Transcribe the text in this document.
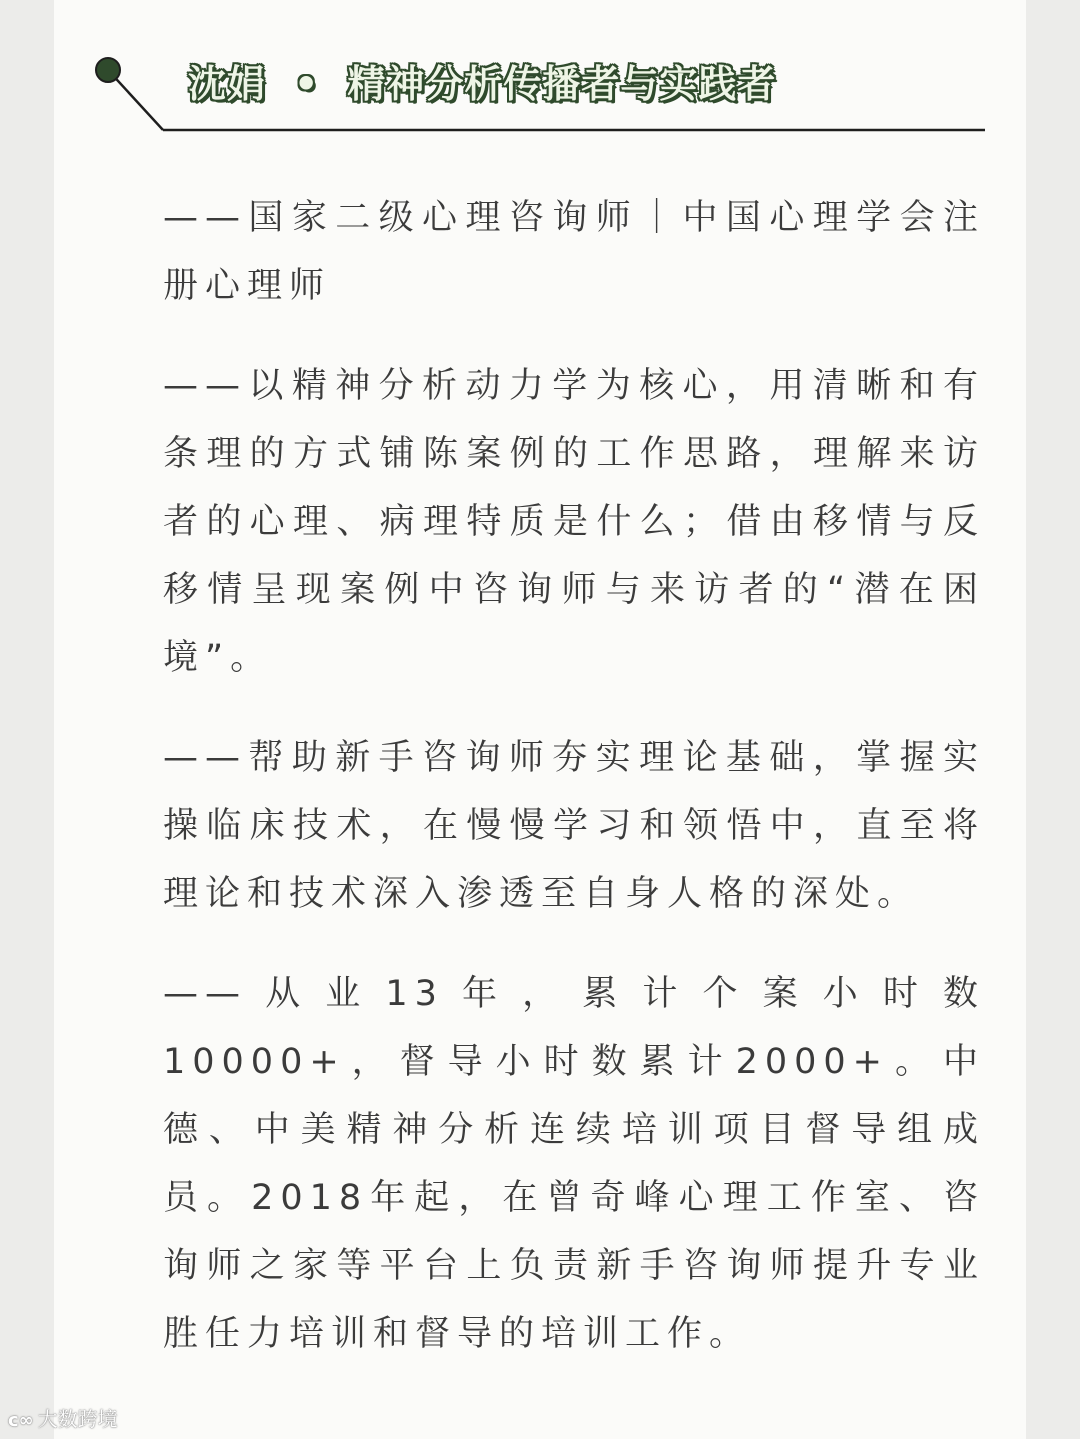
沈娟 • 精神分析传播者与实践者

——国家二级心理咨询师｜中国心理学会注册心理师

——以精神分析动力学为核心，用清晰和有条理的方式铺陈案例的工作思路，理解来访者的心理、病理特质是什么；借由移情与反移情呈现案例中咨询师与来访者的“潜在困境”。

——帮助新手咨询师夯实理论基础，掌握实操临床技术，在慢慢学习和领悟中，直至将理论和技术深入渗透至自身人格的深处。

——从业13年，累计个案小时数10000+，督导小时数累计2000+。中德、中美精神分析连续培训项目督导组成员。2018年起，在曾奇峰心理工作室、咨询师之家等平台上负责新手咨询师提升专业胜任力培训和督导的培训工作。

ᴄ∞ 大数跨境
